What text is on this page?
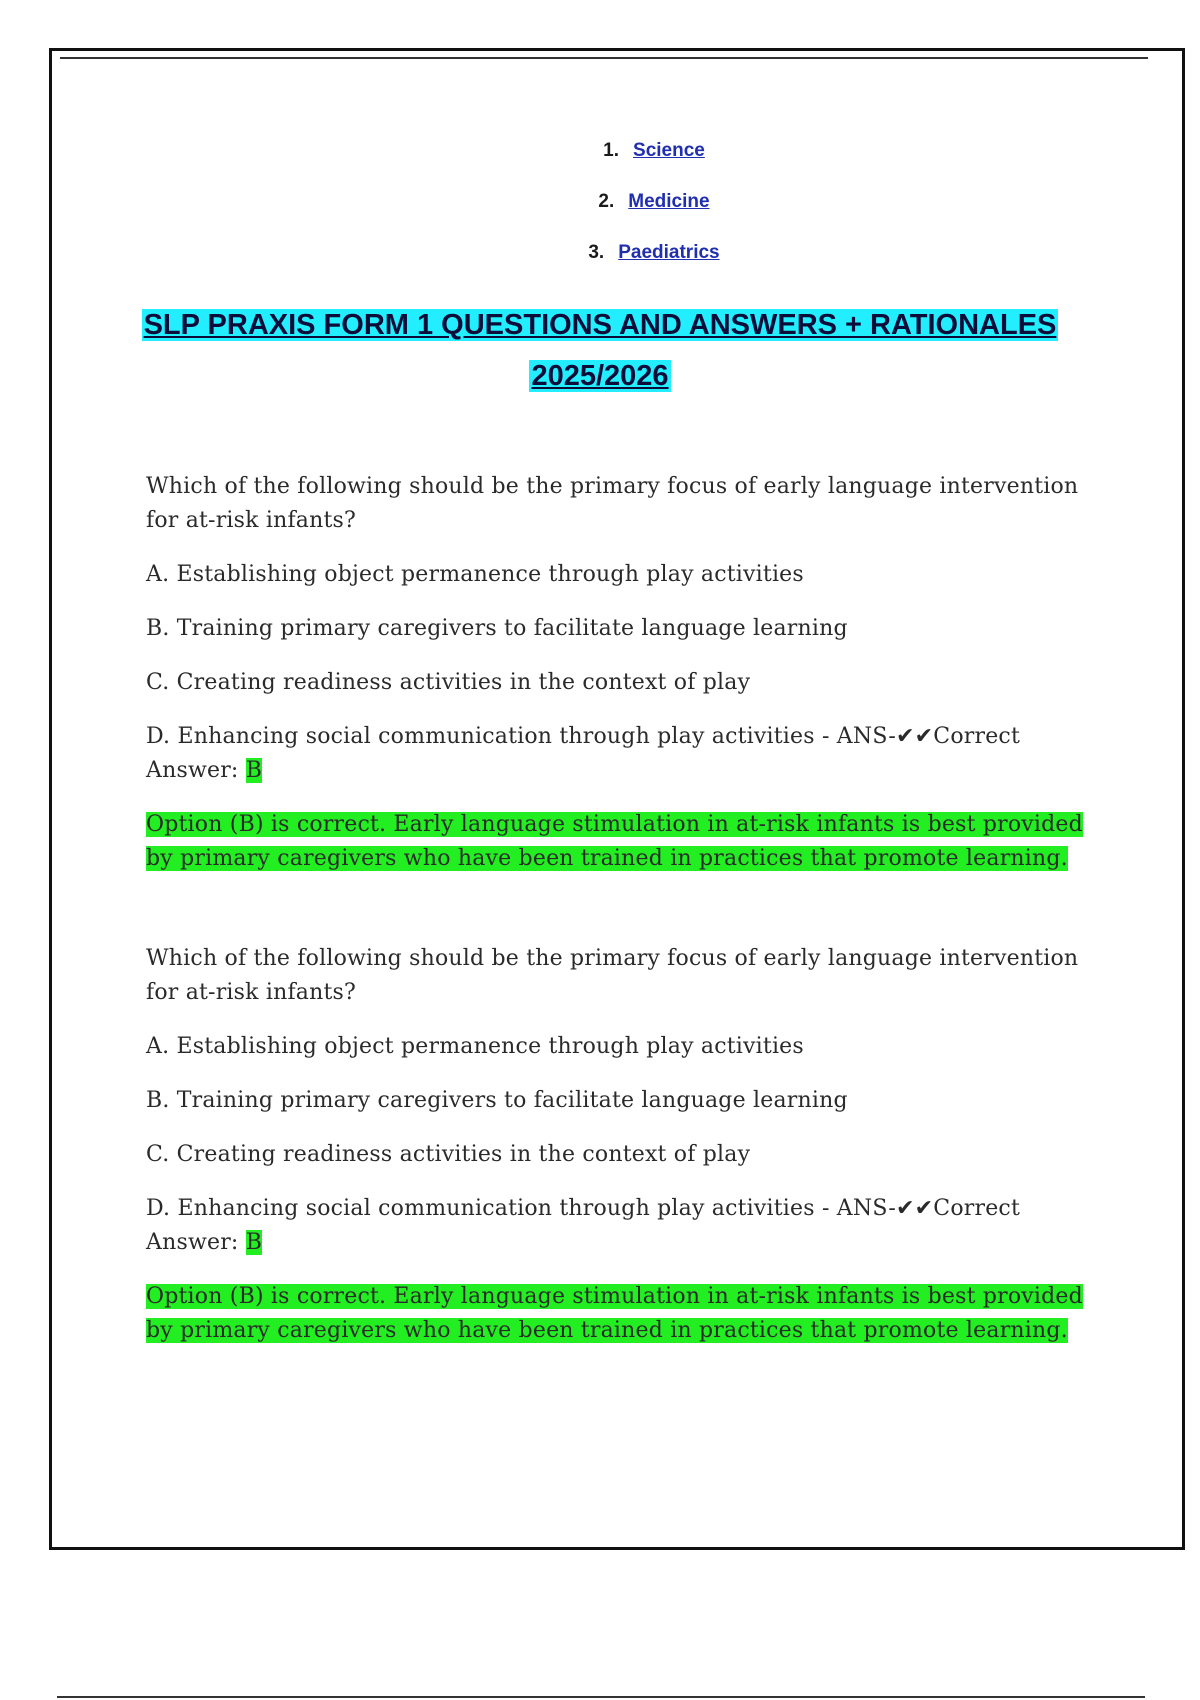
1. Science
2. Medicine
3. Paediatrics
SLP PRAXIS FORM 1 QUESTIONS AND ANSWERS + RATIONALES
2025/2026

Which of the following should be the primary focus of early language intervention for at-risk infants?

A. Establishing object permanence through play activities

B. Training primary caregivers to facilitate language learning

C. Creating readiness activities in the context of play

D. Enhancing social communication through play activities - ANS-✔✔Correct Answer: B

Option (B) is correct. Early language stimulation in at-risk infants is best provided by primary caregivers who have been trained in practices that promote learning.

Which of the following should be the primary focus of early language intervention for at-risk infants?

A. Establishing object permanence through play activities

B. Training primary caregivers to facilitate language learning

C. Creating readiness activities in the context of play

D. Enhancing social communication through play activities - ANS-✔✔Correct Answer: B

Option (B) is correct. Early language stimulation in at-risk infants is best provided by primary caregivers who have been trained in practices that promote learning.
